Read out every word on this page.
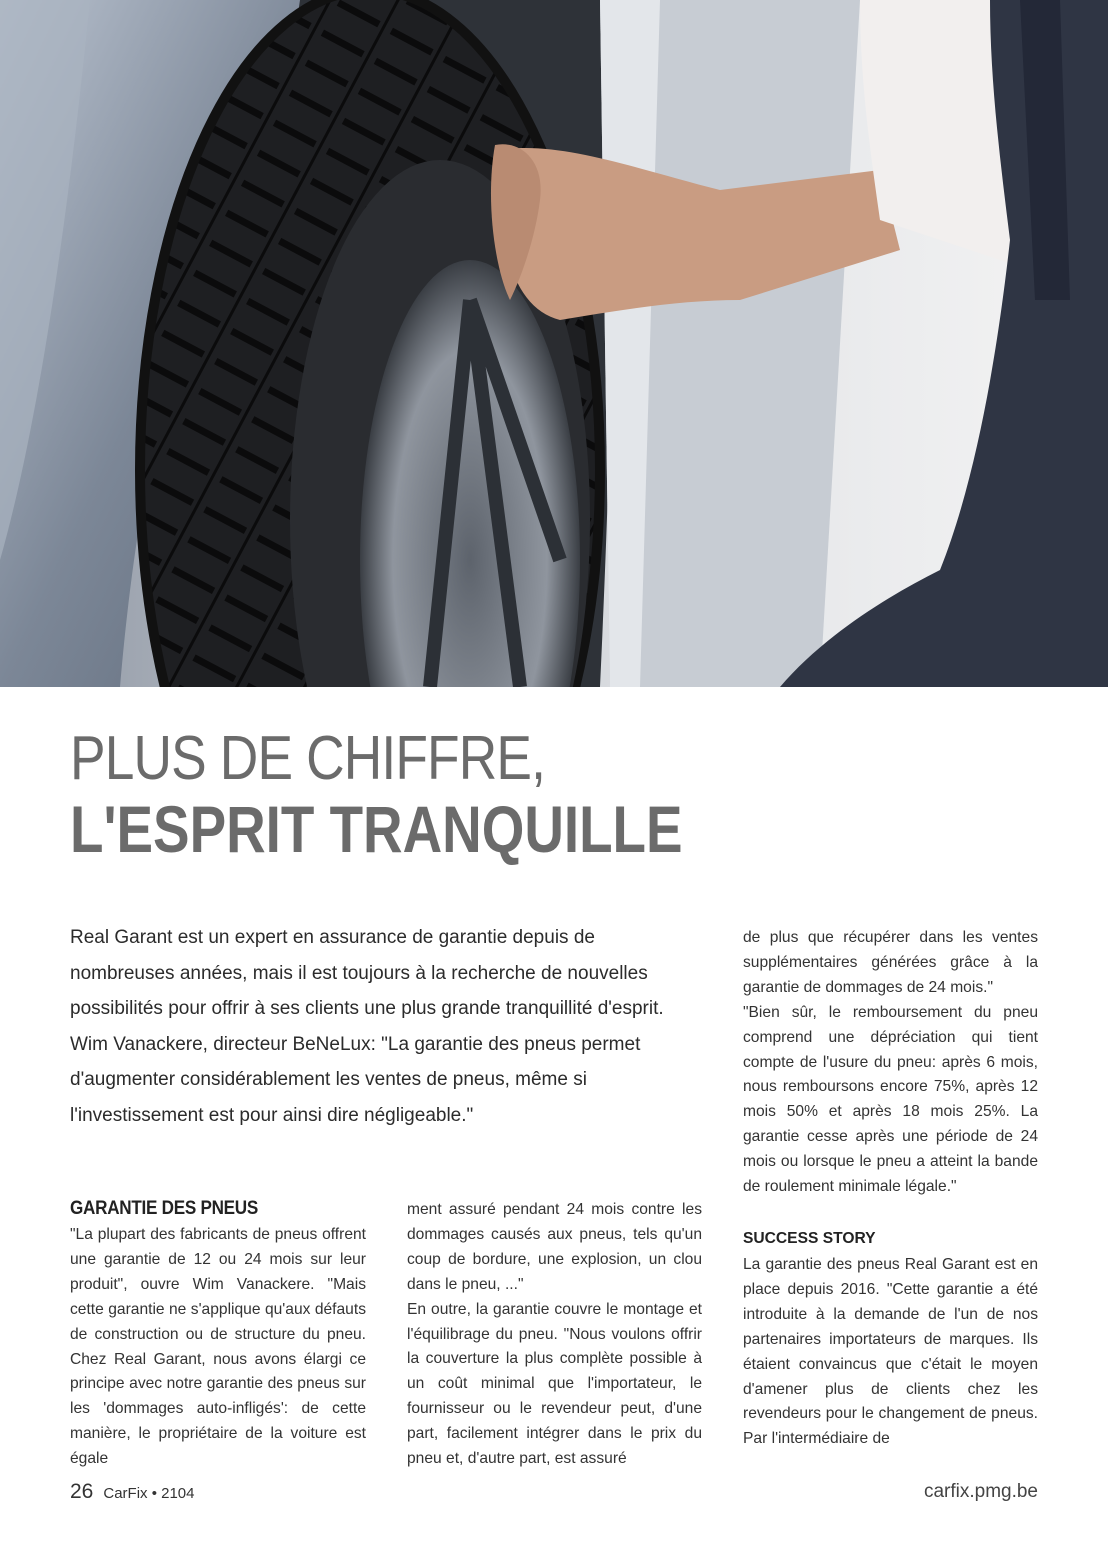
PLUS DE CHIFFRE,
L'ESPRIT TRANQUILLE

Real Garant est un expert en assurance de garantie depuis de nombreuses années, mais il est toujours à la recherche de nouvelles possibilités pour offrir à ses clients une plus grande tranquillité d'esprit. Wim Vanackere, directeur BeNeLux: "La garantie des pneus permet d'augmenter considérablement les ventes de pneus, même si l'investissement est pour ainsi dire négligeable."

GARANTIE DES PNEUS

"La plupart des fabricants de pneus offrent une garantie de 12 ou 24 mois sur leur produit", ouvre Wim Vanackere. "Mais cette garantie ne s'applique qu'aux défauts de construction ou de structure du pneu. Chez Real Garant, nous avons élargi ce principe avec notre garantie des pneus sur les 'dommages auto-infligés': de cette manière, le propriétaire de la voiture est égale

ment assuré pendant 24 mois contre les dommages causés aux pneus, tels qu'un coup de bordure, une explosion, un clou dans le pneu, ..."

En outre, la garantie couvre le montage et l'équilibrage du pneu. "Nous voulons offrir la couverture la plus complète possible à un coût minimal que l'importateur, le fournisseur ou le revendeur peut, d'une part, facilement intégrer dans le prix du pneu et, d'autre part, est assuré

de plus que récupérer dans les ventes supplémentaires générées grâce à la garantie de dommages de 24 mois."

"Bien sûr, le remboursement du pneu comprend une dépréciation qui tient compte de l'usure du pneu: après 6 mois, nous remboursons encore 75%, après 12 mois 50% et après 18 mois 25%. La garantie cesse après une période de 24 mois ou lorsque le pneu a atteint la bande de roulement minimale légale."

SUCCESS STORY

La garantie des pneus Real Garant est en place depuis 2016. "Cette garantie a été introduite à la demande de l'un de nos partenaires importateurs de marques. Ils étaient convaincus que c'était le moyen d'amener plus de clients chez les revendeurs pour le changement de pneus. Par l'intermédiaire de

26 CarFix • 2104	carfix.pmg.be
